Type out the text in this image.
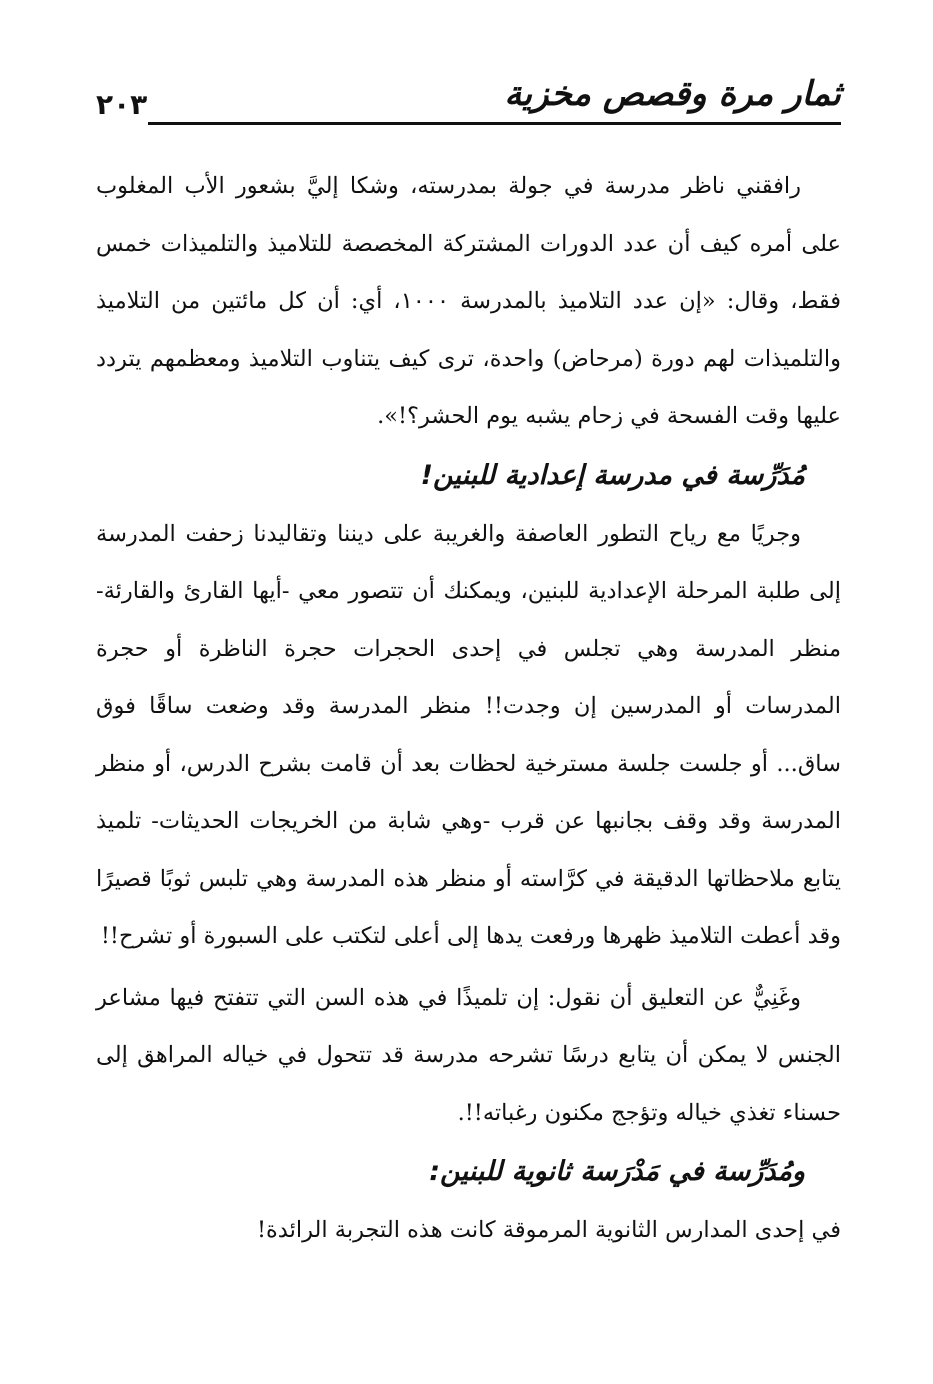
ثمار مرة وقصص مخزية
٢٠٣

رافقني ناظر مدرسة في جولة بمدرسته، وشكا إليَّ بشعور الأب المغلوب على أمره كيف أن عدد الدورات المشتركة المخصصة للتلاميذ والتلميذات خمس فقط، وقال: «إن عدد التلاميذ بالمدرسة ١٠٠٠، أي: أن كل مائتين من التلاميذ والتلميذات لهم دورة (مرحاض) واحدة، ترى كيف يتناوب التلاميذ ومعظمهم يتردد عليها وقت الفسحة في زحام يشبه يوم الحشر؟!».

مُدَرِّسة في مدرسة إعدادية للبنين!

وجريًا مع رياح التطور العاصفة والغريبة على ديننا وتقاليدنا زحفت المدرسة إلى طلبة المرحلة الإعدادية للبنين، ويمكنك أن تتصور معي -أيها القارئ والقارئة- منظر المدرسة وهي تجلس في إحدى الحجرات حجرة الناظرة أو حجرة المدرسات أو المدرسين إن وجدت!! منظر المدرسة وقد وضعت ساقًا فوق ساق... أو جلست جلسة مسترخية لحظات بعد أن قامت بشرح الدرس، أو منظر المدرسة وقد وقف بجانبها عن قرب -وهي شابة من الخريجات الحديثات- تلميذ يتابع ملاحظاتها الدقيقة في كرَّاسته أو منظر هذه المدرسة وهي تلبس ثوبًا قصيرًا وقد أعطت التلاميذ ظهرها ورفعت يدها إلى أعلى لتكتب على السبورة أو تشرح!!

وغَنِيٌّ عن التعليق أن نقول: إن تلميذًا في هذه السن التي تتفتح فيها مشاعر الجنس لا يمكن أن يتابع درسًا تشرحه مدرسة قد تتحول في خياله المراهق إلى حسناء تغذي خياله وتؤجج مكنون رغباته!!.

ومُدَرِّسة في مَدْرَسة ثانوية للبنين:

في إحدى المدارس الثانوية المرموقة كانت هذه التجربة الرائدة!
